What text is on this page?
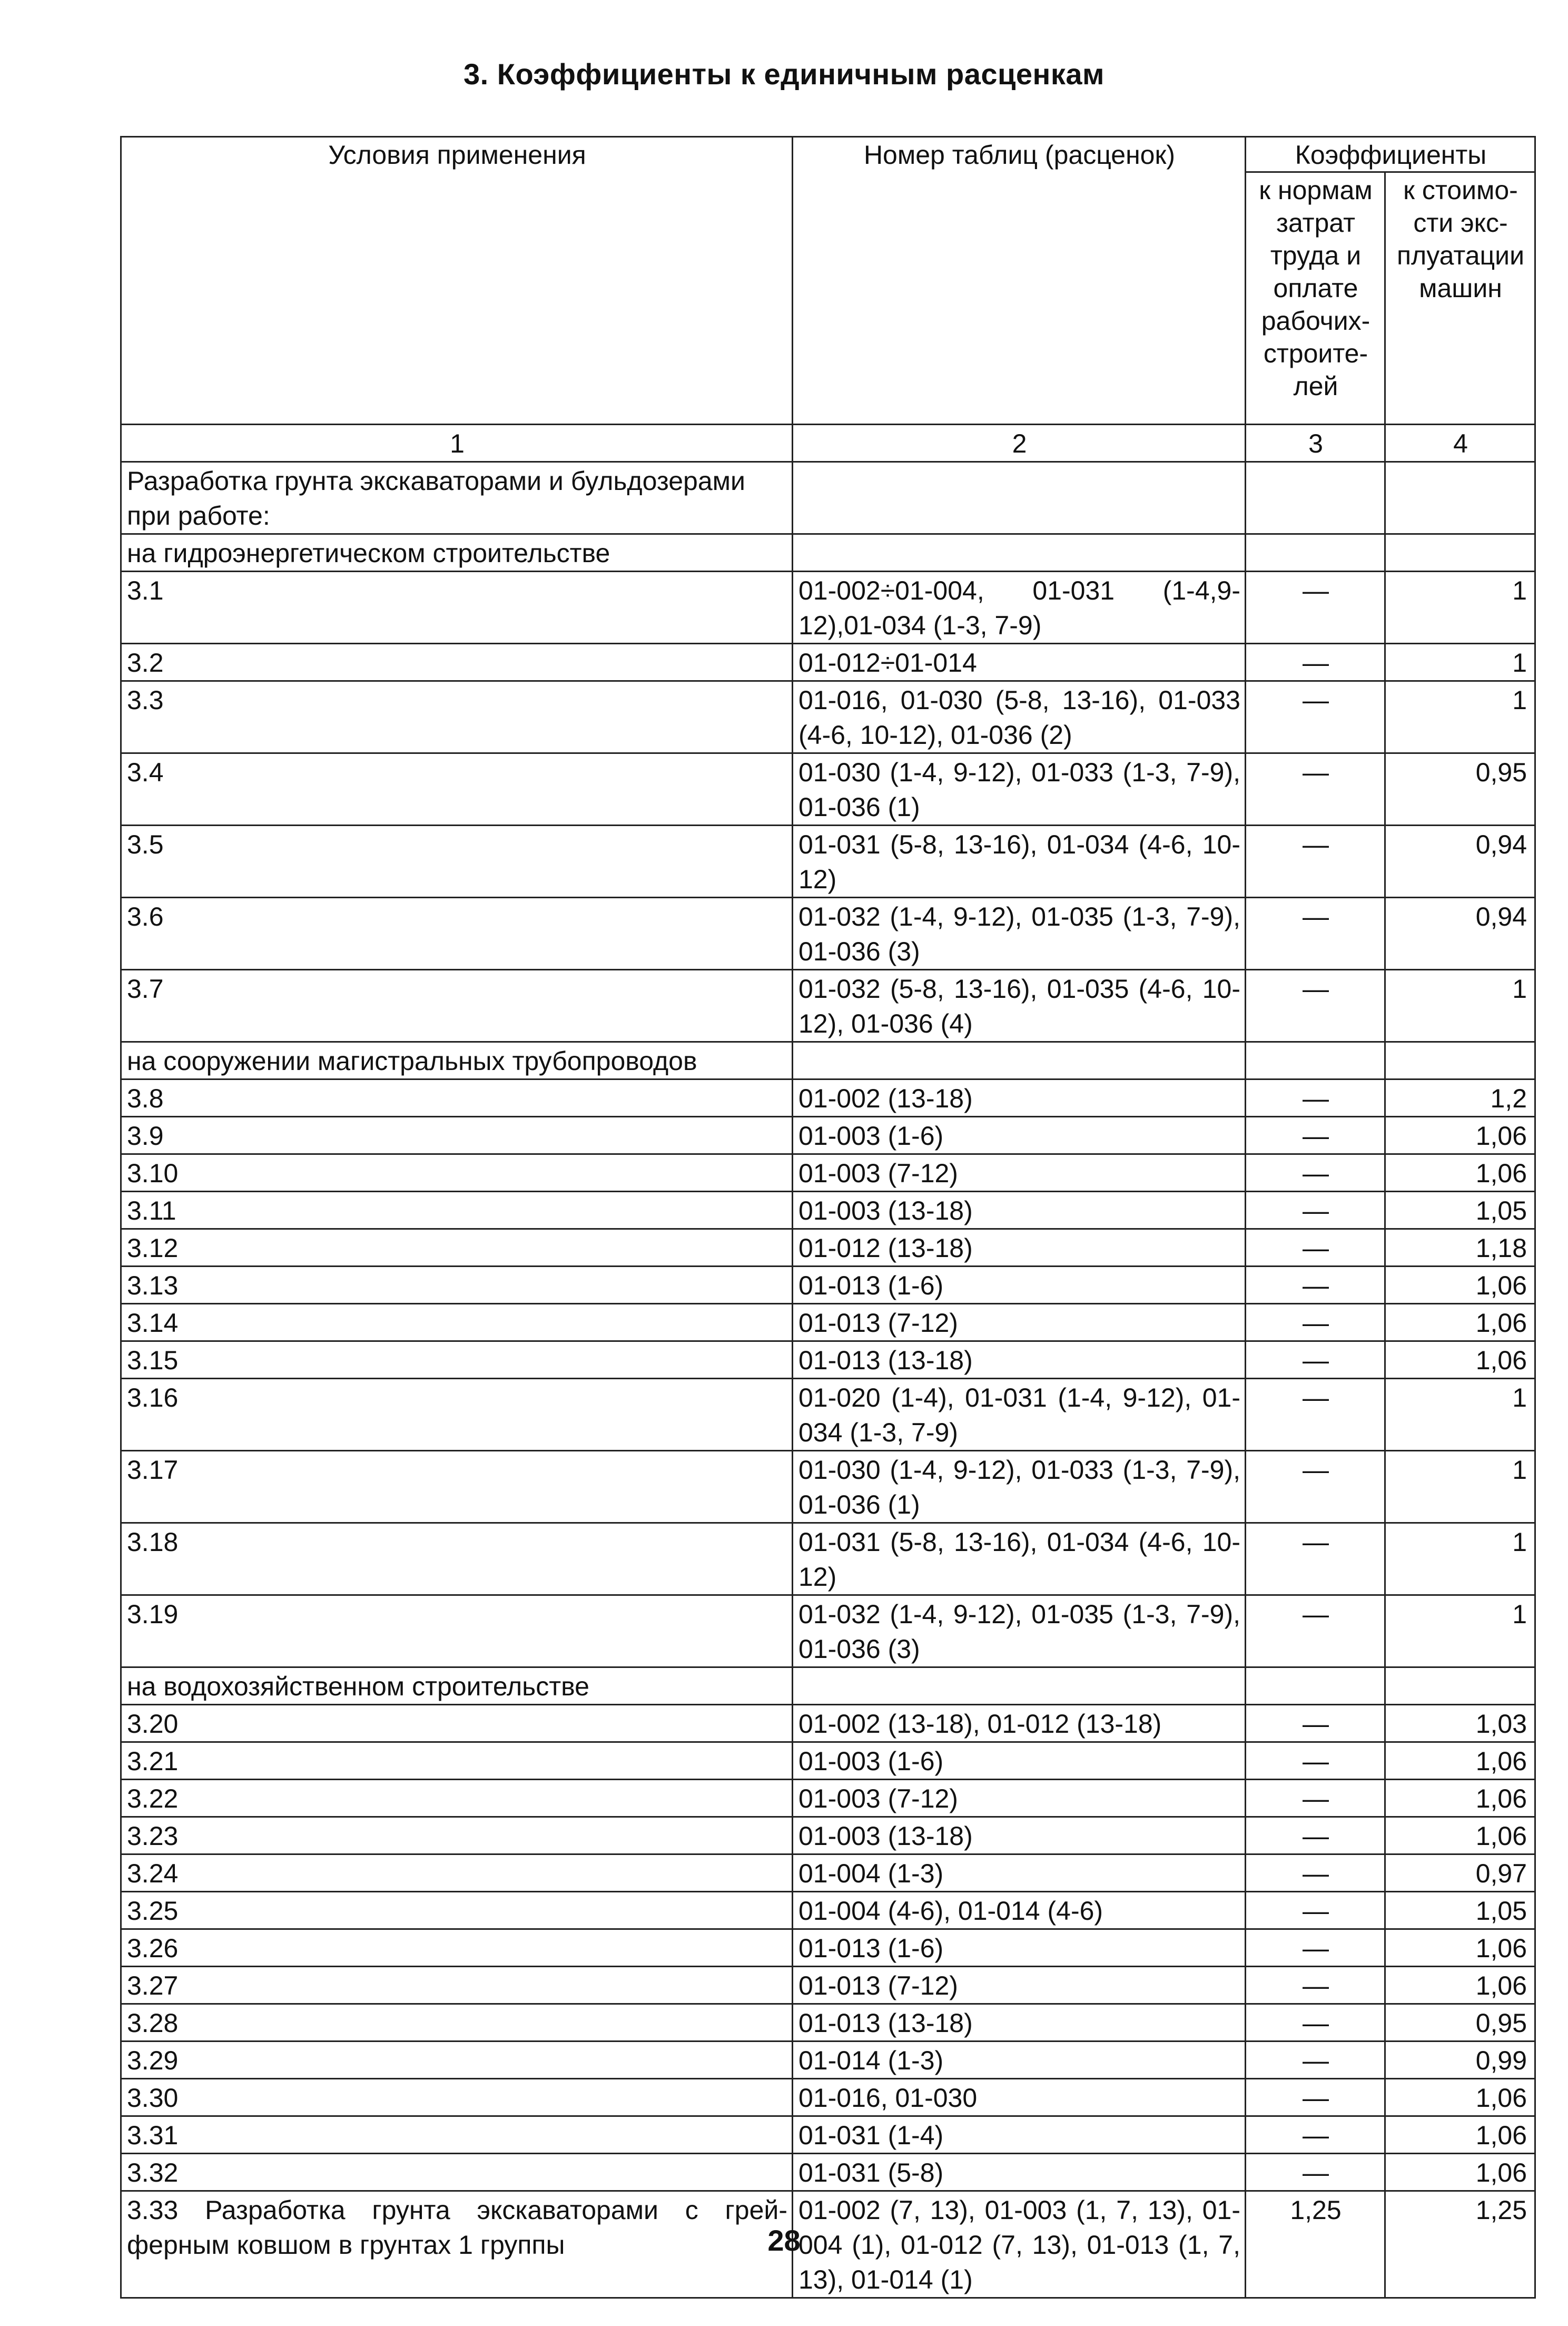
3. Коэффициенты к единичным расценкам
Условия применения	Номер таблиц (расценок)	Коэффициенты	
		к нормам затрат труда и оплате рабочих-строите-лей	к стоимо-сти экс-плуатации машин
1	2	3	4
Разработка грунта экскаваторами и бульдозерами при работе:			
на гидроэнергетическом строительстве			
3.1	01-002÷01-004, 01-031 (1-4,9-12),01-034 (1-3, 7-9)	—	1
3.2	01-012÷01-014	—	1
3.3	01-016, 01-030 (5-8, 13-16), 01-033 (4-6, 10-12), 01-036 (2)	—	1
3.4	01-030 (1-4, 9-12), 01-033 (1-3, 7-9), 01-036 (1)	—	0,95
3.5	01-031 (5-8, 13-16), 01-034 (4-6, 10-12)	—	0,94
3.6	01-032 (1-4, 9-12), 01-035 (1-3, 7-9), 01-036 (3)	—	0,94
3.7	01-032 (5-8, 13-16), 01-035 (4-6, 10-12), 01-036 (4)	—	1
на сооружении магистральных трубопроводов			
3.8	01-002 (13-18)	—	1,2
3.9	01-003 (1-6)	—	1,06
3.10	01-003 (7-12)	—	1,06
3.11	01-003 (13-18)	—	1,05
3.12	01-012 (13-18)	—	1,18
3.13	01-013 (1-6)	—	1,06
3.14	01-013 (7-12)	—	1,06
3.15	01-013 (13-18)	—	1,06
3.16	01-020 (1-4), 01-031 (1-4, 9-12), 01-034 (1-3, 7-9)	—	1
3.17	01-030 (1-4, 9-12), 01-033 (1-3, 7-9), 01-036 (1)	—	1
3.18	01-031 (5-8, 13-16), 01-034 (4-6, 10-12)	—	1
3.19	01-032 (1-4, 9-12), 01-035 (1-3, 7-9), 01-036 (3)	—	1
на водохозяйственном строительстве			
3.20	01-002 (13-18), 01-012 (13-18)	—	1,03
3.21	01-003 (1-6)	—	1,06
3.22	01-003 (7-12)	—	1,06
3.23	01-003 (13-18)	—	1,06
3.24	01-004 (1-3)	—	0,97
3.25	01-004 (4-6), 01-014 (4-6)	—	1,05
3.26	01-013 (1-6)	—	1,06
3.27	01-013 (7-12)	—	1,06
3.28	01-013 (13-18)	—	0,95
3.29	01-014 (1-3)	—	0,99
3.30	01-016, 01-030	—	1,06
3.31	01-031 (1-4)	—	1,06
3.32	01-031 (5-8)	—	1,06
3.33 Разработка грунта экскаваторами с грей-ферным ковшом в грунтах 1 группы	01-002 (7, 13), 01-003 (1, 7, 13), 01-004 (1), 01-012 (7, 13), 01-013 (1, 7, 13), 01-014 (1)	1,25	1,25
28
